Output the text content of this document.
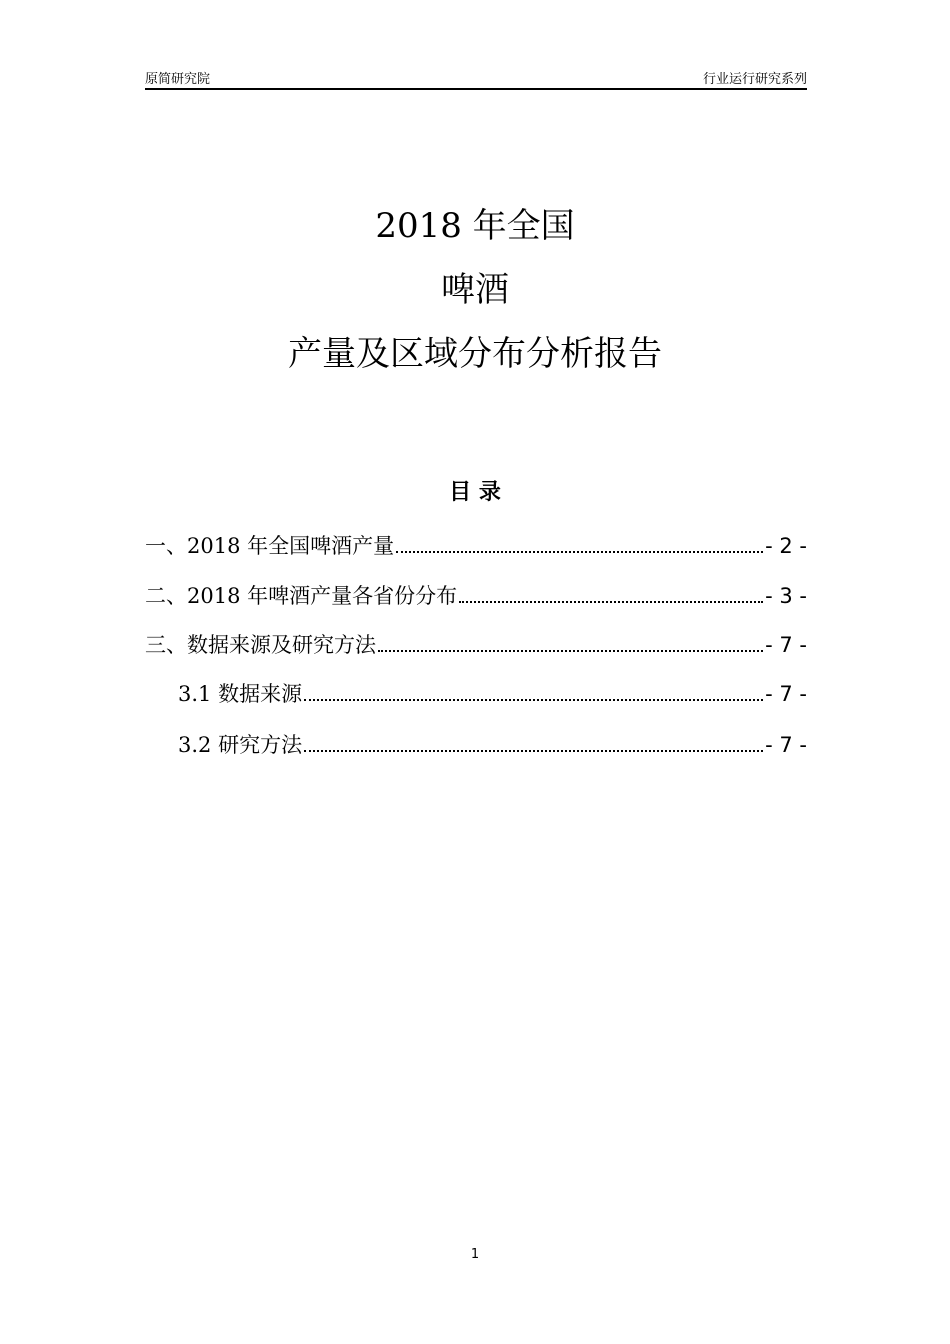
原简研究院	行业运行研究系列
2018 年全国
啤酒
产量及区域分布分析报告
目 录
一、2018 年全国啤酒产量	- 2 -
二、2018 年啤酒产量各省份分布	- 3 -
三、数据来源及研究方法	- 7 -
3.1 数据来源	- 7 -
3.2 研究方法	- 7 -
1
